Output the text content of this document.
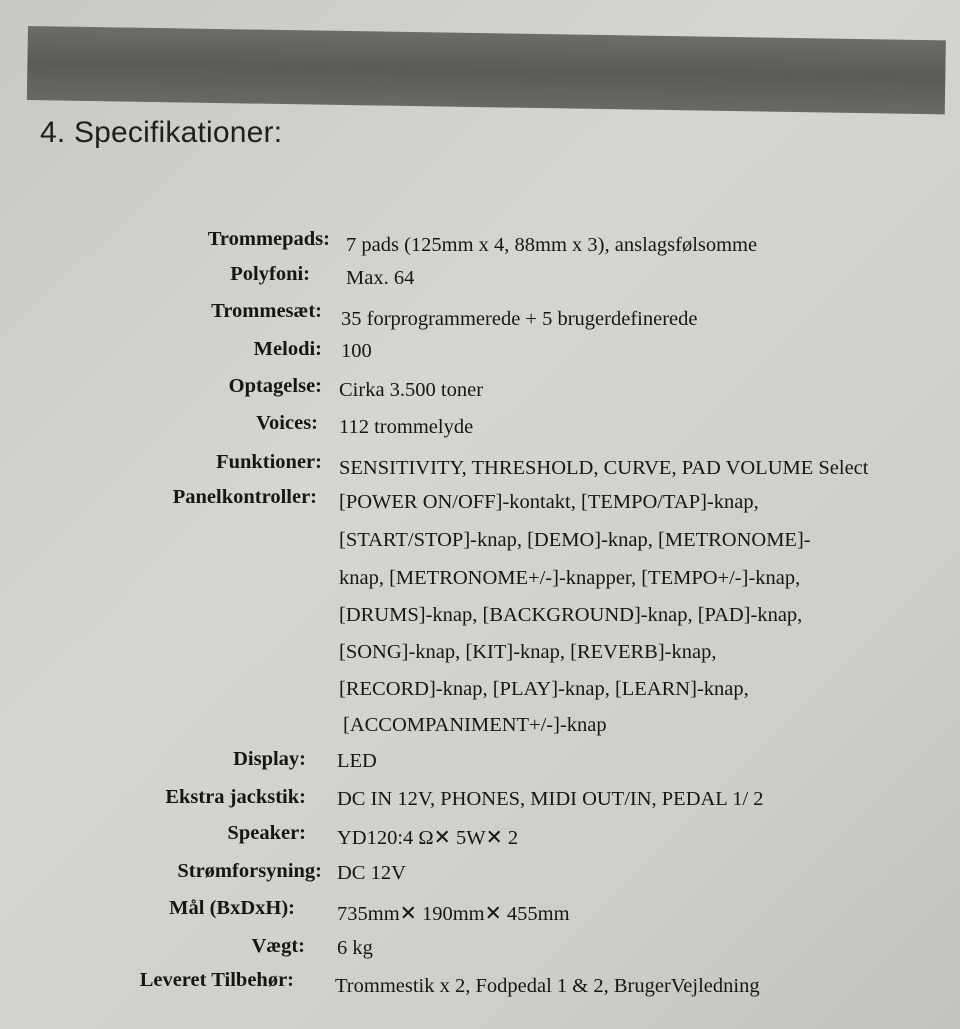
4. Specifikationer:
Trommepads: 7 pads (125mm x 4, 88mm x 3), anslagsfølsomme
Polyfoni: Max. 64
Trommesæt: 35 forprogrammerede + 5 brugerdefinerede
Melodi: 100
Optagelse: Cirka 3.500 toner
Voices: 112 trommelyde
Funktioner: SENSITIVITY, THRESHOLD, CURVE, PAD VOLUME Select
Panelkontroller: [POWER ON/OFF]-kontakt, [TEMPO/TAP]-knap,
[START/STOP]-knap, [DEMO]-knap, [METRONOME]-
knap, [METRONOME+/-]-knapper, [TEMPO+/-]-knap,
[DRUMS]-knap, [BACKGROUND]-knap, [PAD]-knap,
[SONG]-knap, [KIT]-knap, [REVERB]-knap,
[RECORD]-knap, [PLAY]-knap, [LEARN]-knap,
[ACCOMPANIMENT+/-]-knap
Display: LED
Ekstra jackstik: DC IN 12V, PHONES, MIDI OUT/IN, PEDAL 1/ 2
Speaker: YD120:4 Ω✕ 5W✕ 2
Strømforsyning: DC 12V
Mål (BxDxH): 735mm✕ 190mm✕ 455mm
Vægt: 6 kg
Leveret Tilbehør: Trommestik x 2, Fodpedal 1 & 2, BrugerVejledning
